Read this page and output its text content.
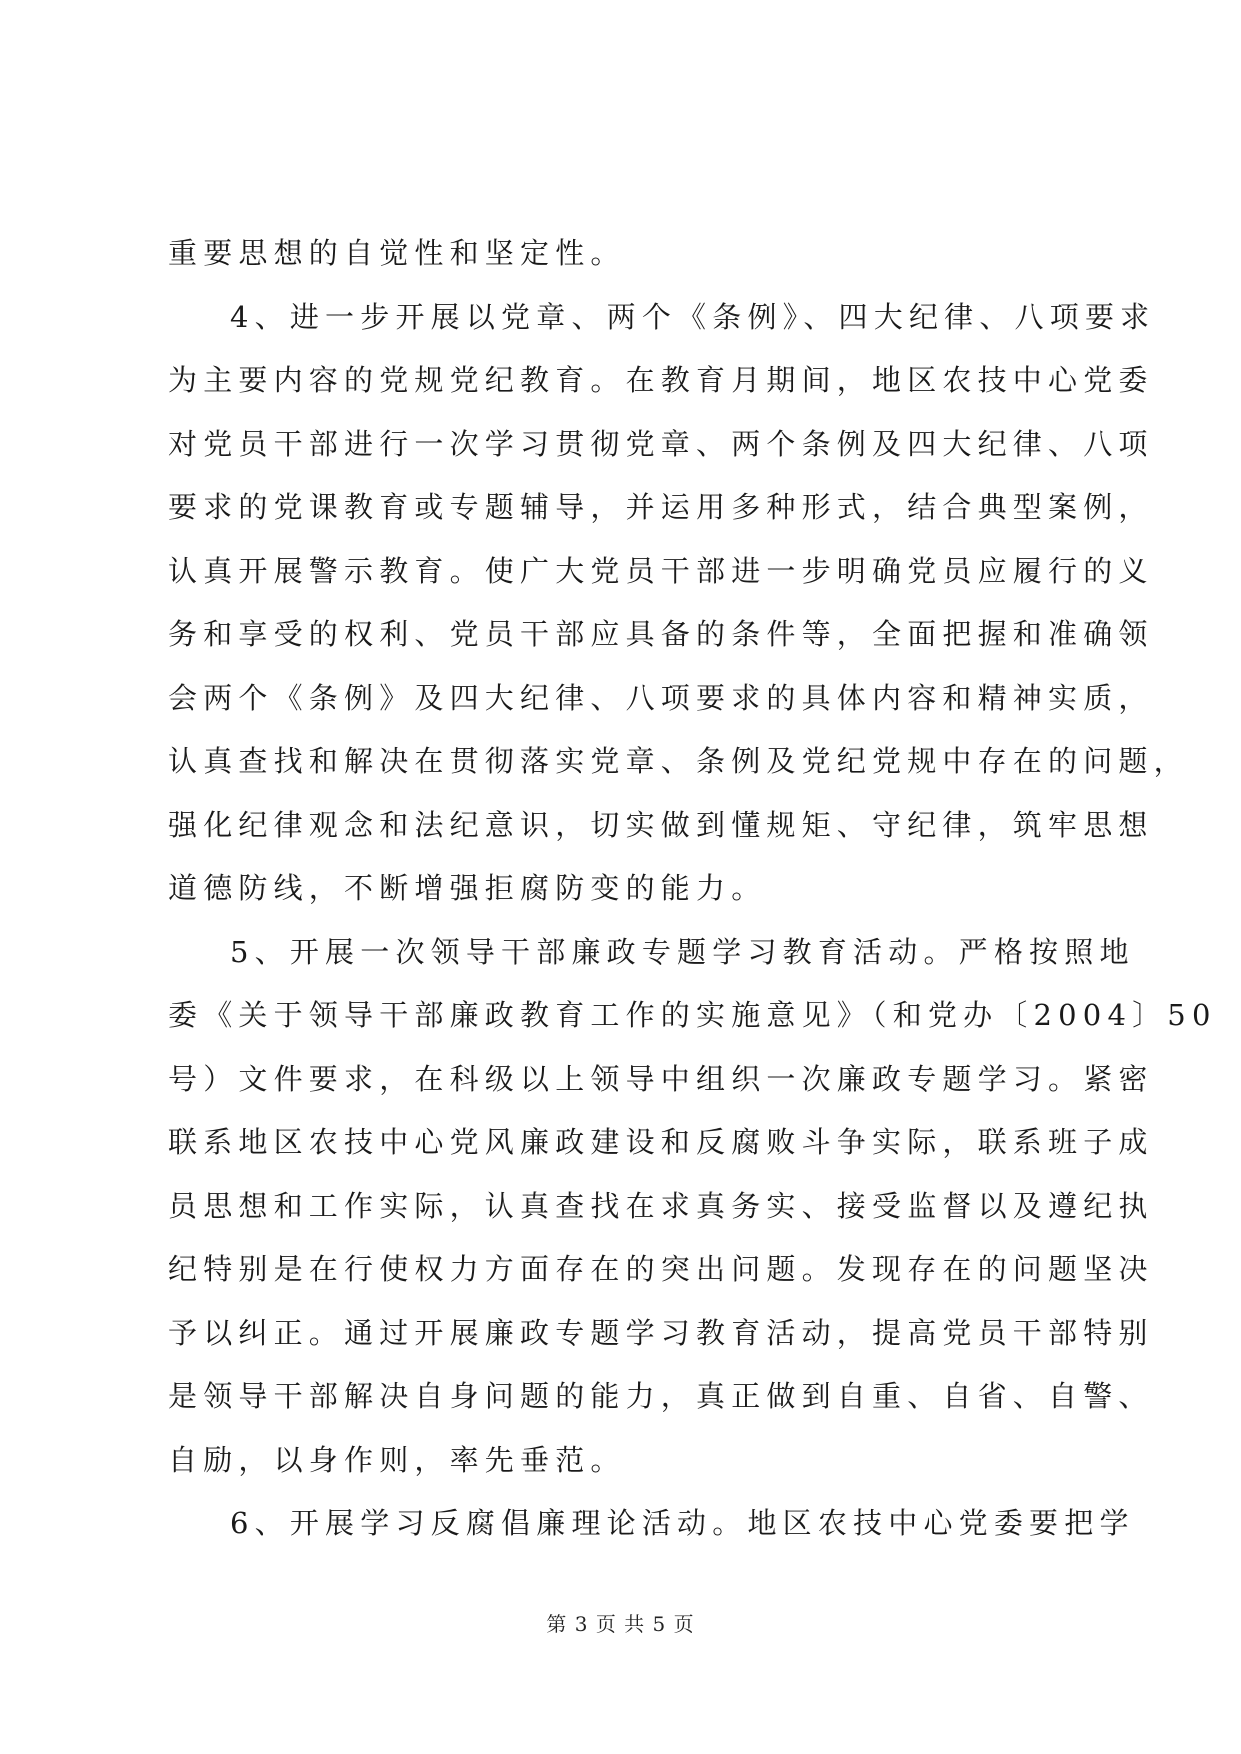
重要思想的自觉性和坚定性。
4、进一步开展以党章、两个《条例》、四大纪律、八项要求
为主要内容的党规党纪教育。在教育月期间，地区农技中心党委
对党员干部进行一次学习贯彻党章、两个条例及四大纪律、八项
要求的党课教育或专题辅导，并运用多种形式，结合典型案例，
认真开展警示教育。使广大党员干部进一步明确党员应履行的义
务和享受的权利、党员干部应具备的条件等，全面把握和准确领
会两个《条例》及四大纪律、八项要求的具体内容和精神实质，
认真查找和解决在贯彻落实党章、条例及党纪党规中存在的问题，
强化纪律观念和法纪意识，切实做到懂规矩、守纪律，筑牢思想
道德防线，不断增强拒腐防变的能力。
5、开展一次领导干部廉政专题学习教育活动。严格按照地
委《关于领导干部廉政教育工作的实施意见》（和党办〔2004〕50
号）文件要求，在科级以上领导中组织一次廉政专题学习。紧密
联系地区农技中心党风廉政建设和反腐败斗争实际，联系班子成
员思想和工作实际，认真查找在求真务实、接受监督以及遵纪执
纪特别是在行使权力方面存在的突出问题。发现存在的问题坚决
予以纠正。通过开展廉政专题学习教育活动，提高党员干部特别
是领导干部解决自身问题的能力，真正做到自重、自省、自警、
自励，以身作则，率先垂范。
6、开展学习反腐倡廉理论活动。地区农技中心党委要把学
第 3 页 共 5 页
